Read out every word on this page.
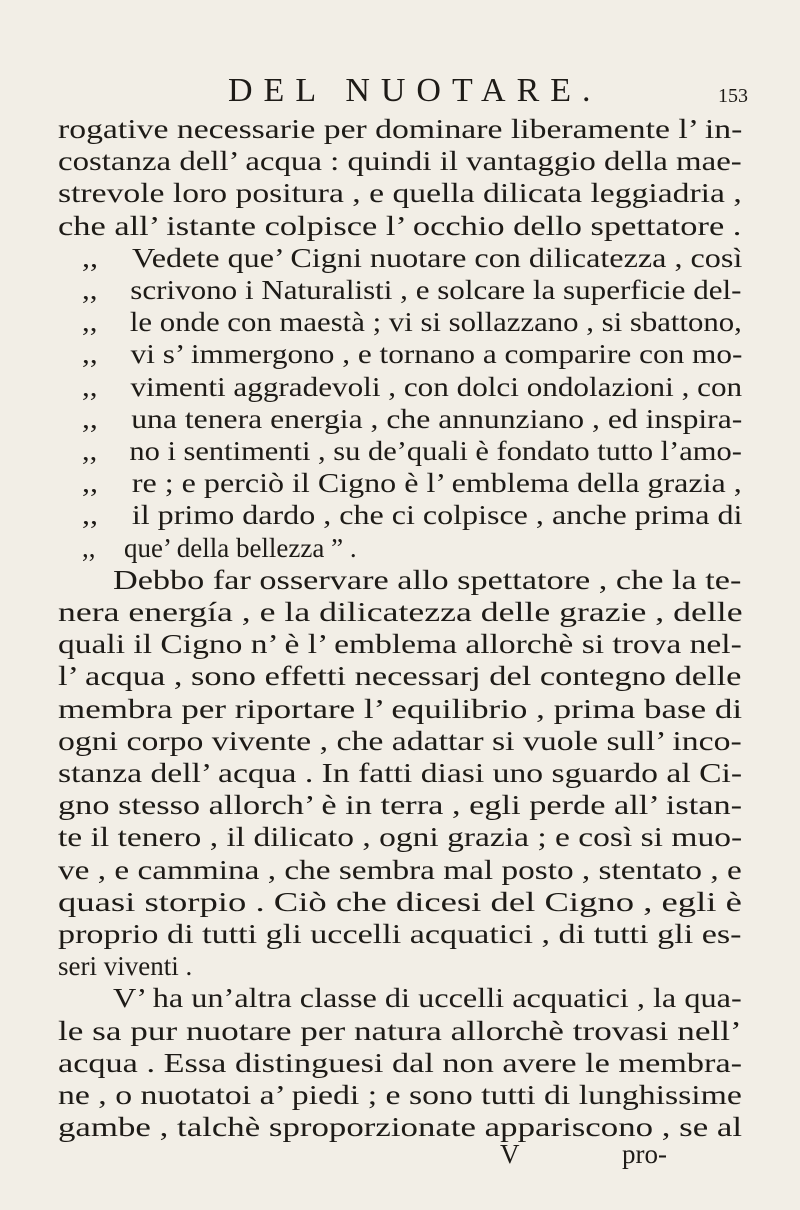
DEL NUOTARE.	153
rogative necessarie per dominare liberamente l’ in-
costanza dell’ acqua : quindi il vantaggio della mae-
strevole loro positura , e quella dilicata leggiadria ,
che all’ istante colpisce l’ occhio dello spettatore .
,, Vedete que’ Cigni nuotare con dilicatezza , così
,, scrivono i Naturalisti , e solcare la superficie del-
,, le onde con maestà ; vi si sollazzano , si sbattono,
,, vi s’ immergono , e tornano a comparire con mo-
,, vimenti aggradevoli , con dolci ondolazioni , con
,, una tenera energia , che annunziano , ed inspira-
,, no i sentimenti , su de’quali è fondato tutto l’amo-
,, re ; e perciò il Cigno è l’ emblema della grazia ,
,, il primo dardo , che ci colpisce , anche prima di
,, que’ della bellezza ” .
Debbo far osservare allo spettatore , che la te-
nera energía , e la dilicatezza delle grazie , delle
quali il Cigno n’ è l’ emblema allorchè si trova nel-
l’ acqua , sono effetti necessarj del contegno delle
membra per riportare l’ equilibrio , prima base di
ogni corpo vivente , che adattar si vuole sull’ inco-
stanza dell’ acqua . In fatti diasi uno sguardo al Ci-
gno stesso allorch’ è in terra , egli perde all’ istan-
te il tenero , il dilicato , ogni grazia ; e così si muo-
ve , e cammina , che sembra mal posto , stentato , e
quasi storpio . Ciò che dicesi del Cigno , egli è
proprio di tutti gli uccelli acquatici , di tutti gli es-
seri viventi .
V’ ha un’altra classe di uccelli acquatici , la qua-
le sa pur nuotare per natura allorchè trovasi nell’
acqua . Essa distinguesi dal non avere le membra-
ne , o nuotatoi a’ piedi ; e sono tutti di lunghissime
gambe , talchè sproporzionate appariscono , se al
V	pro-
